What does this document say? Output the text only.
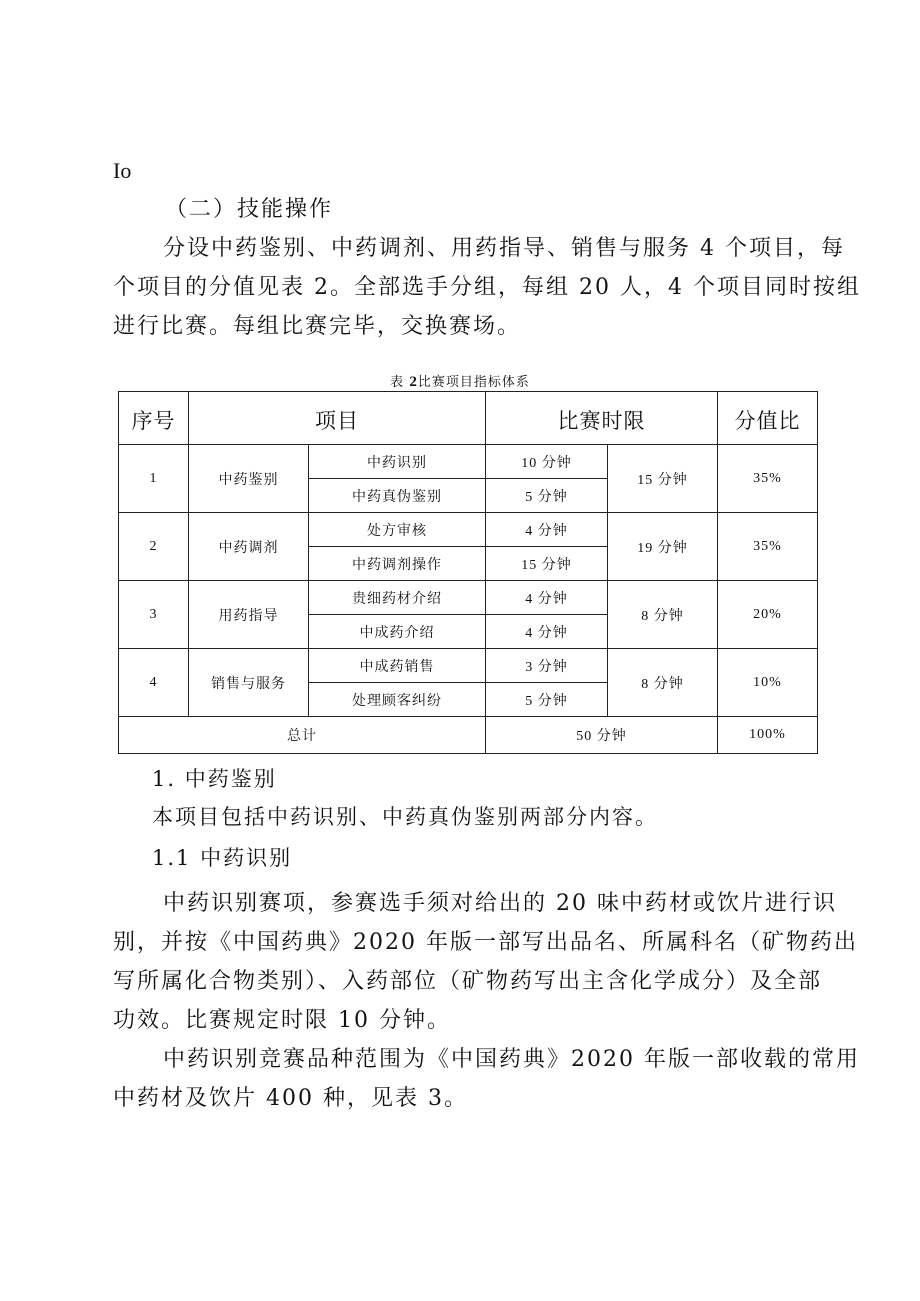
Io
（二）技能操作
分设中药鉴别、中药调剂、用药指导、销售与服务 4 个项目，每
个项目的分值见表 2。全部选手分组，每组 20 人，4 个项目同时按组
进行比赛。每组比赛完毕，交换赛场。
表 2比赛项目指标体系
序号	项目		比赛时限		分值比
1	中药鉴别	中药识别	10 分钟	15 分钟	35%
		中药真伪鉴别	5 分钟		
2	中药调剂	处方审核	4 分钟	19 分钟	35%
		中药调剂操作	15 分钟		
3	用药指导	贵细药材介绍	4 分钟	8 分钟	20%
		中成药介绍	4 分钟		
4	销售与服务	中成药销售	3 分钟	8 分钟	10%
		处理顾客纠纷	5 分钟		
总计			50 分钟		100%
1. 中药鉴别
本项目包括中药识别、中药真伪鉴别两部分内容。
1.1 中药识别
中药识别赛项，参赛选手须对给出的 20 味中药材或饮片进行识
别，并按《中国药典》2020 年版一部写出品名、所属科名（矿物药出
写所属化合物类别）、入药部位（矿物药写出主含化学成分）及全部
功效。比赛规定时限 10 分钟。
中药识别竞赛品种范围为《中国药典》2020 年版一部收载的常用
中药材及饮片 400 种，见表 3。
